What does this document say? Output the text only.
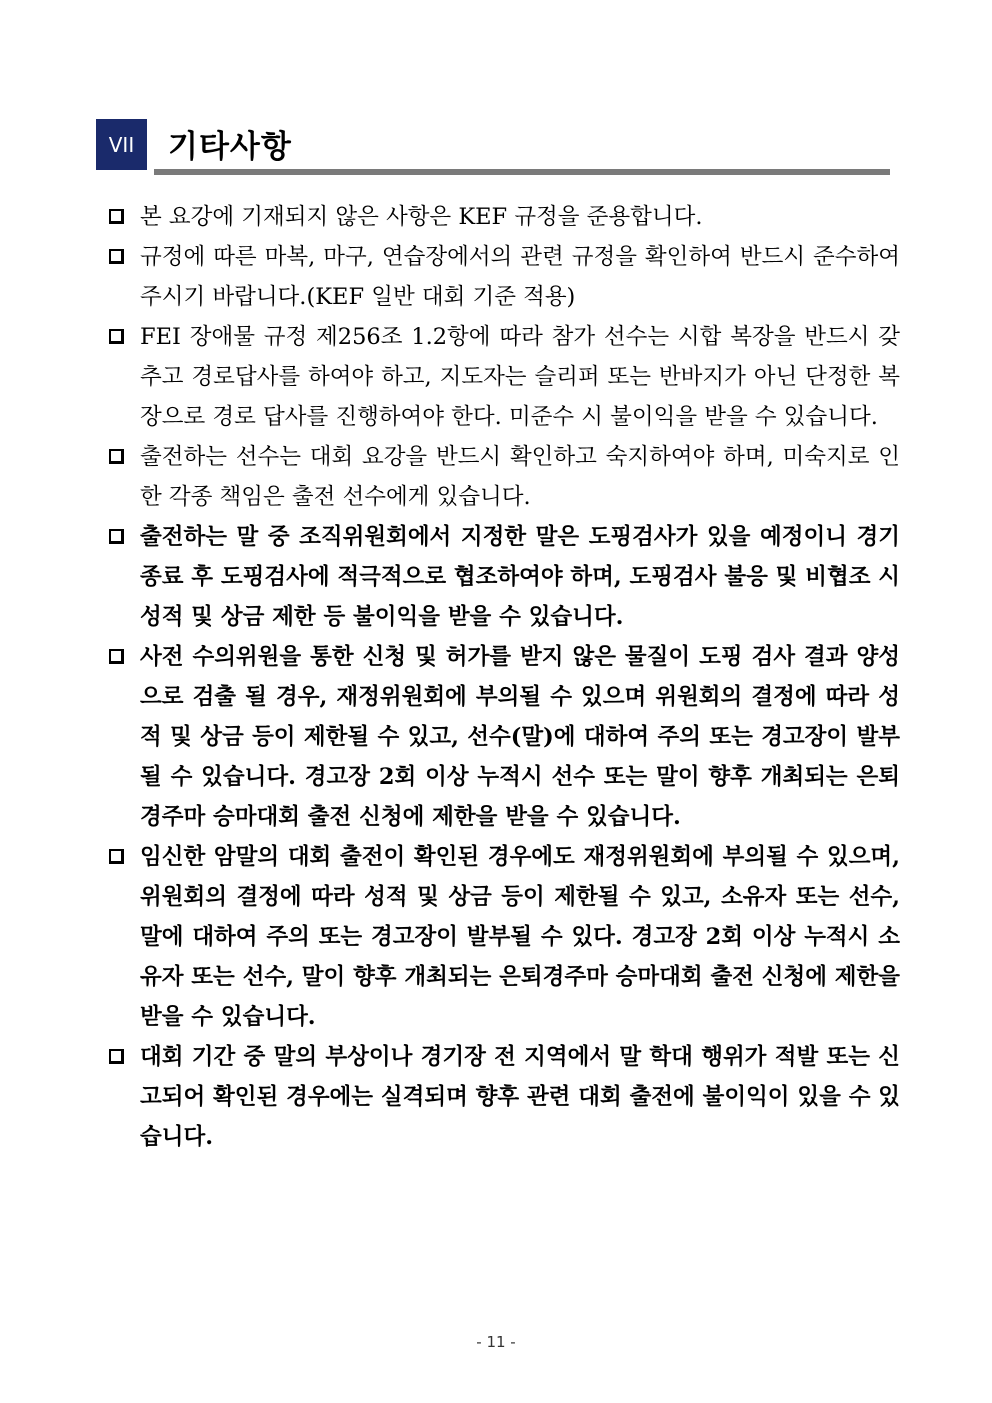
VII	기타사항
본 요강에 기재되지 않은 사항은 KEF 규정을 준용합니다.
규정에 따른 마복, 마구, 연습장에서의 관련 규정을 확인하여 반드시 준수하여 주시기 바랍니다.(KEF 일반 대회 기준 적용)
FEI 장애물 규정 제256조 1.2항에 따라 참가 선수는 시합 복장을 반드시 갖추고 경로답사를 하여야 하고, 지도자는 슬리퍼 또는 반바지가 아닌 단정한 복장으로 경로 답사를 진행하여야 한다. 미준수 시 불이익을 받을 수 있습니다.
출전하는 선수는 대회 요강을 반드시 확인하고 숙지하여야 하며, 미숙지로 인한 각종 책임은 출전 선수에게 있습니다.
출전하는 말 중 조직위원회에서 지정한 말은 도핑검사가 있을 예정이니 경기 종료 후 도핑검사에 적극적으로 협조하여야 하며, 도핑검사 불응 및 비협조 시 성적 및 상금 제한 등 불이익을 받을 수 있습니다.
사전 수의위원을 통한 신청 및 허가를 받지 않은 물질이 도핑 검사 결과 양성으로 검출 될 경우, 재정위원회에 부의될 수 있으며 위원회의 결정에 따라 성적 및 상금 등이 제한될 수 있고, 선수(말)에 대하여 주의 또는 경고장이 발부될 수 있습니다. 경고장 2회 이상 누적시 선수 또는 말이 향후 개최되는 은퇴경주마 승마대회 출전 신청에 제한을 받을 수 있습니다.
임신한 암말의 대회 출전이 확인된 경우에도 재정위원회에 부의될 수 있으며, 위원회의 결정에 따라 성적 및 상금 등이 제한될 수 있고, 소유자 또는 선수, 말에 대하여 주의 또는 경고장이 발부될 수 있다. 경고장 2회 이상 누적시 소유자 또는 선수, 말이 향후 개최되는 은퇴경주마 승마대회 출전 신청에 제한을 받을 수 있습니다.
대회 기간 중 말의 부상이나 경기장 전 지역에서 말 학대 행위가 적발 또는 신고되어 확인된 경우에는 실격되며 향후 관련 대회 출전에 불이익이 있을 수 있습니다.
- 11 -
